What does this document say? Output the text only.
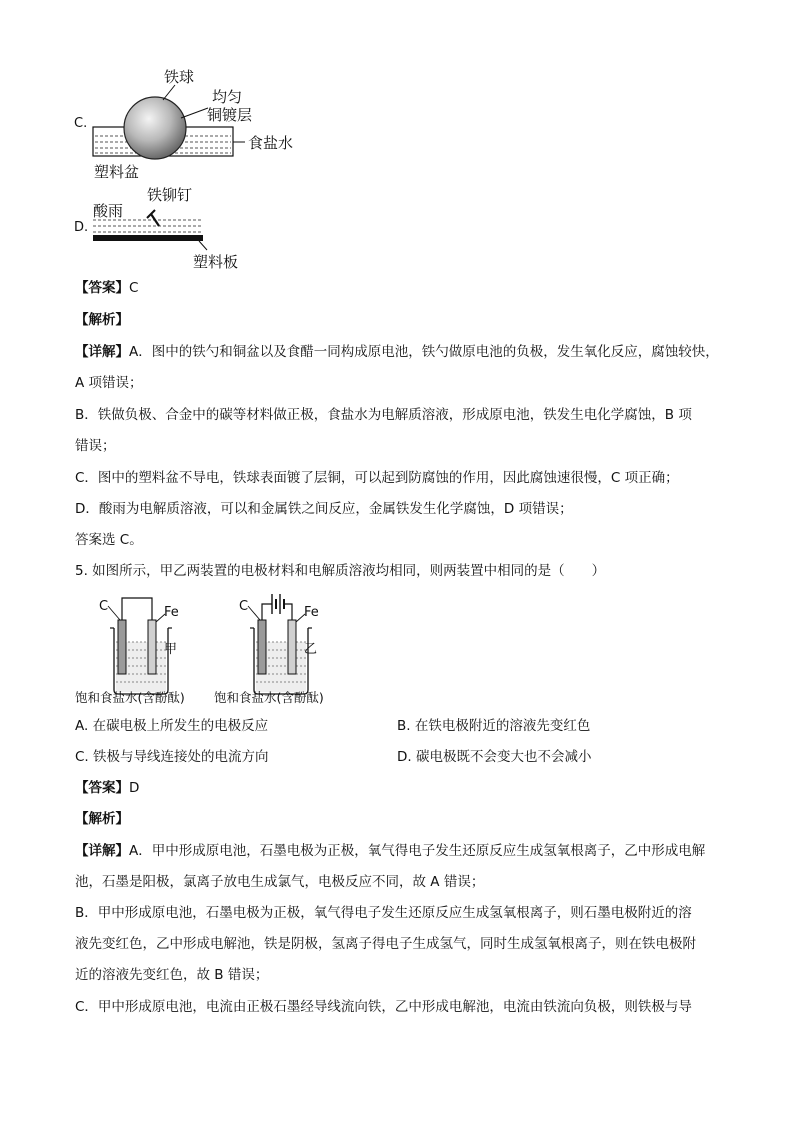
C.
铁球
均匀
铜镀层
食盐水
塑料盆
D.
铁铆钉
酸雨
塑料板
【答案】C
【解析】
【详解】A．图中的铁勺和铜盆以及食醋一同构成原电池，铁勺做原电池的负极，发生氧化反应，腐蚀较快，
A 项错误；
B．铁做负极、合金中的碳等材料做正极，食盐水为电解质溶液，形成原电池，铁发生电化学腐蚀，B 项
错误；
C．图中的塑料盆不导电，铁球表面镀了层铜，可以起到防腐蚀的作用，因此腐蚀速很慢，C 项正确；
D．酸雨为电解质溶液，可以和金属铁之间反应，金属铁发生化学腐蚀，D 项错误；
答案选 C。
5. 如图所示，甲乙两装置的电极材料和电解质溶液均相同，则两装置中相同的是（　　）
C	Fe
甲
饱和食盐水(含酚酞)
C	Fe
乙
饱和食盐水(含酚酞)
A. 在碳电极上所发生的电极反应	B. 在铁电极附近的溶液先变红色
C. 铁极与导线连接处的电流方向	D. 碳电极既不会变大也不会减小
【答案】D
【解析】
【详解】A．甲中形成原电池，石墨电极为正极，氧气得电子发生还原反应生成氢氧根离子，乙中形成电解
池，石墨是阳极，氯离子放电生成氯气，电极反应不同，故 A 错误；
B．甲中形成原电池，石墨电极为正极，氧气得电子发生还原反应生成氢氧根离子，则石墨电极附近的溶
液先变红色，乙中形成电解池，铁是阴极，氢离子得电子生成氢气，同时生成氢氧根离子，则在铁电极附
近的溶液先变红色，故 B 错误；
C．甲中形成原电池，电流由正极石墨经导线流向铁，乙中形成电解池，电流由铁流向负极，则铁极与导
